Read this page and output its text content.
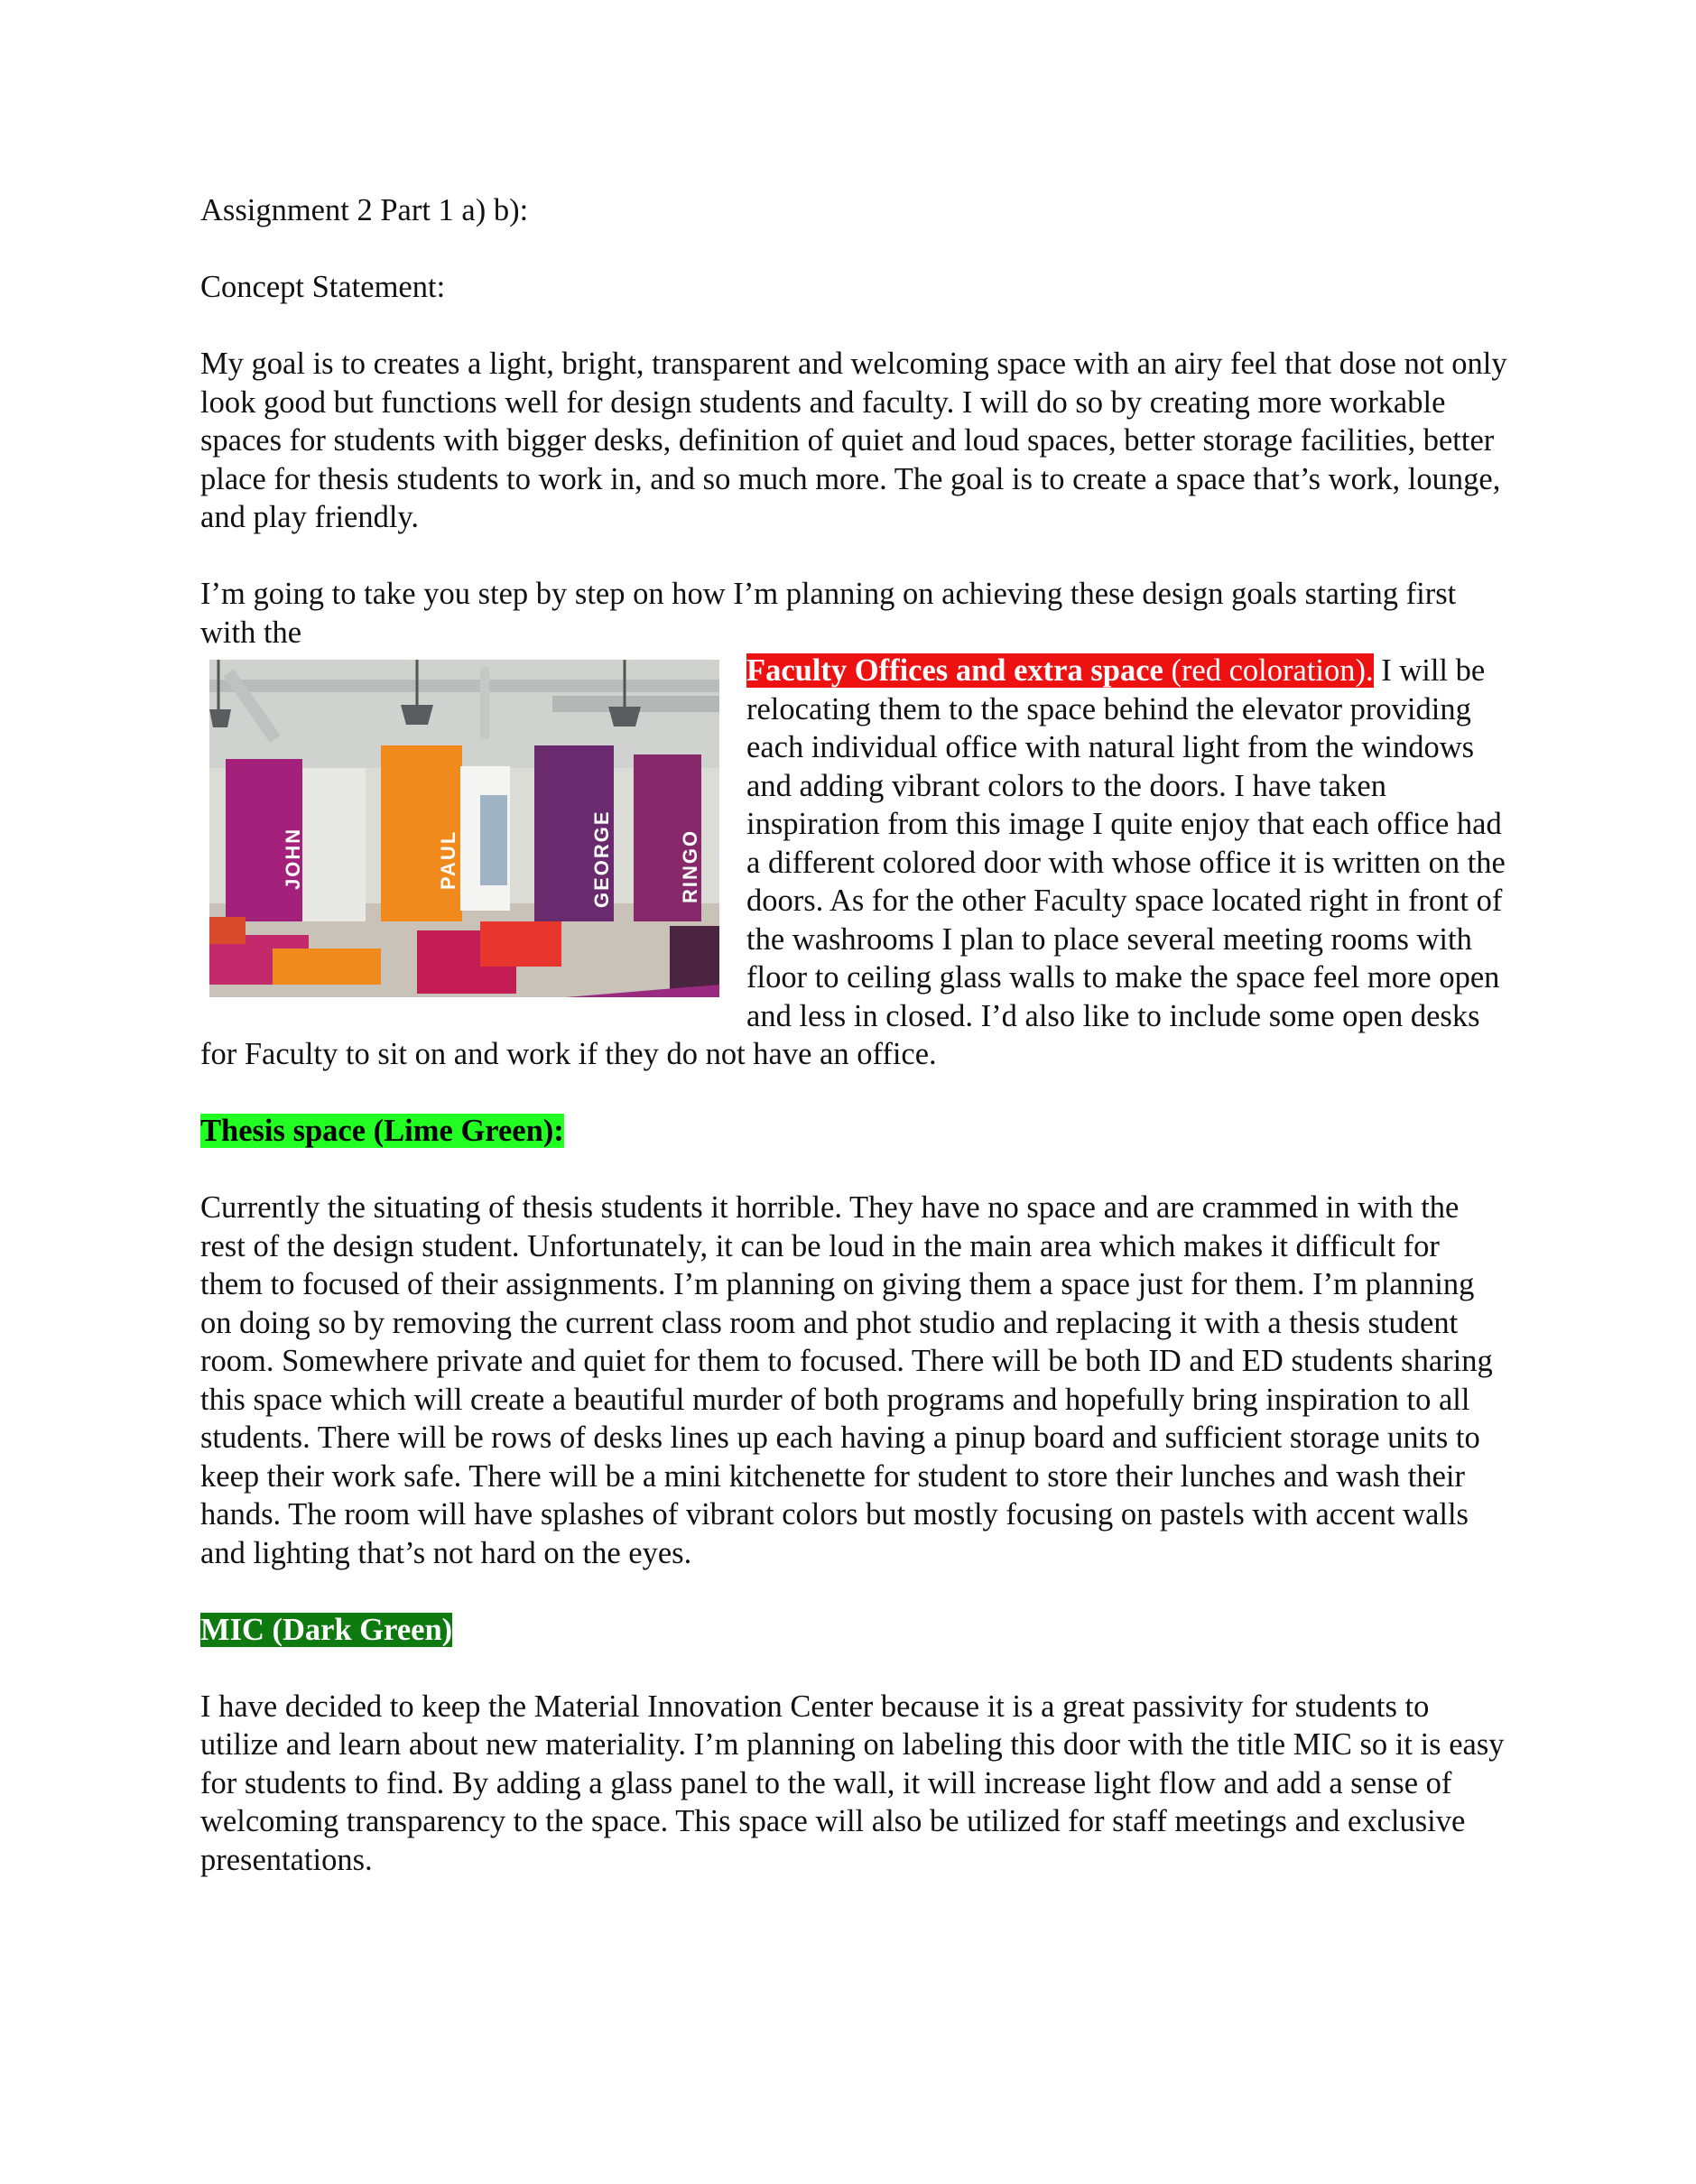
Assignment 2 Part 1 a) b):

Concept Statement:

My goal is to creates a light, bright, transparent and welcoming space with an airy feel that dose not only look good but functions well for design students and faculty. I will do so by creating more workable spaces for students with bigger desks, definition of quiet and loud spaces, better storage facilities, better place for thesis students to work in, and so much more. The goal is to create a space that’s work, lounge, and play friendly.

I’m going to take you step by step on how I’m planning on achieving these design goals starting first with the

JOHN	PAUL	GEORGE	RINGO

Faculty Offices and extra space (red coloration). I will be relocating them to the space behind the elevator providing each individual office with natural light from the windows and adding vibrant colors to the doors. I have taken inspiration from this image I quite enjoy that each office had a different colored door with whose office it is written on the doors. As for the other Faculty space located right in front of the washrooms I plan to place several meeting rooms with floor to ceiling glass walls to make the space feel more open and less in closed. I’d also like to include some open desks for Faculty to sit on and work if they do not have an office.

Thesis space (Lime Green):

Currently the situating of thesis students it horrible. They have no space and are crammed in with the rest of the design student. Unfortunately, it can be loud in the main area which makes it difficult for them to focused of their assignments. I’m planning on giving them a space just for them. I’m planning on doing so by removing the current class room and phot studio and replacing it with a thesis student room. Somewhere private and quiet for them to focused. There will be both ID and ED students sharing this space which will create a beautiful murder of both programs and hopefully bring inspiration to all students. There will be rows of desks lines up each having a pinup board and sufficient storage units to keep their work safe. There will be a mini kitchenette for student to store their lunches and wash their hands. The room will have splashes of vibrant colors but mostly focusing on pastels with accent walls and lighting that’s not hard on the eyes.

MIC (Dark Green)

I have decided to keep the Material Innovation Center because it is a great passivity for students to utilize and learn about new materiality. I’m planning on labeling this door with the title MIC so it is easy for students to find. By adding a glass panel to the wall, it will increase light flow and add a sense of welcoming transparency to the space. This space will also be utilized for staff meetings and exclusive presentations.
